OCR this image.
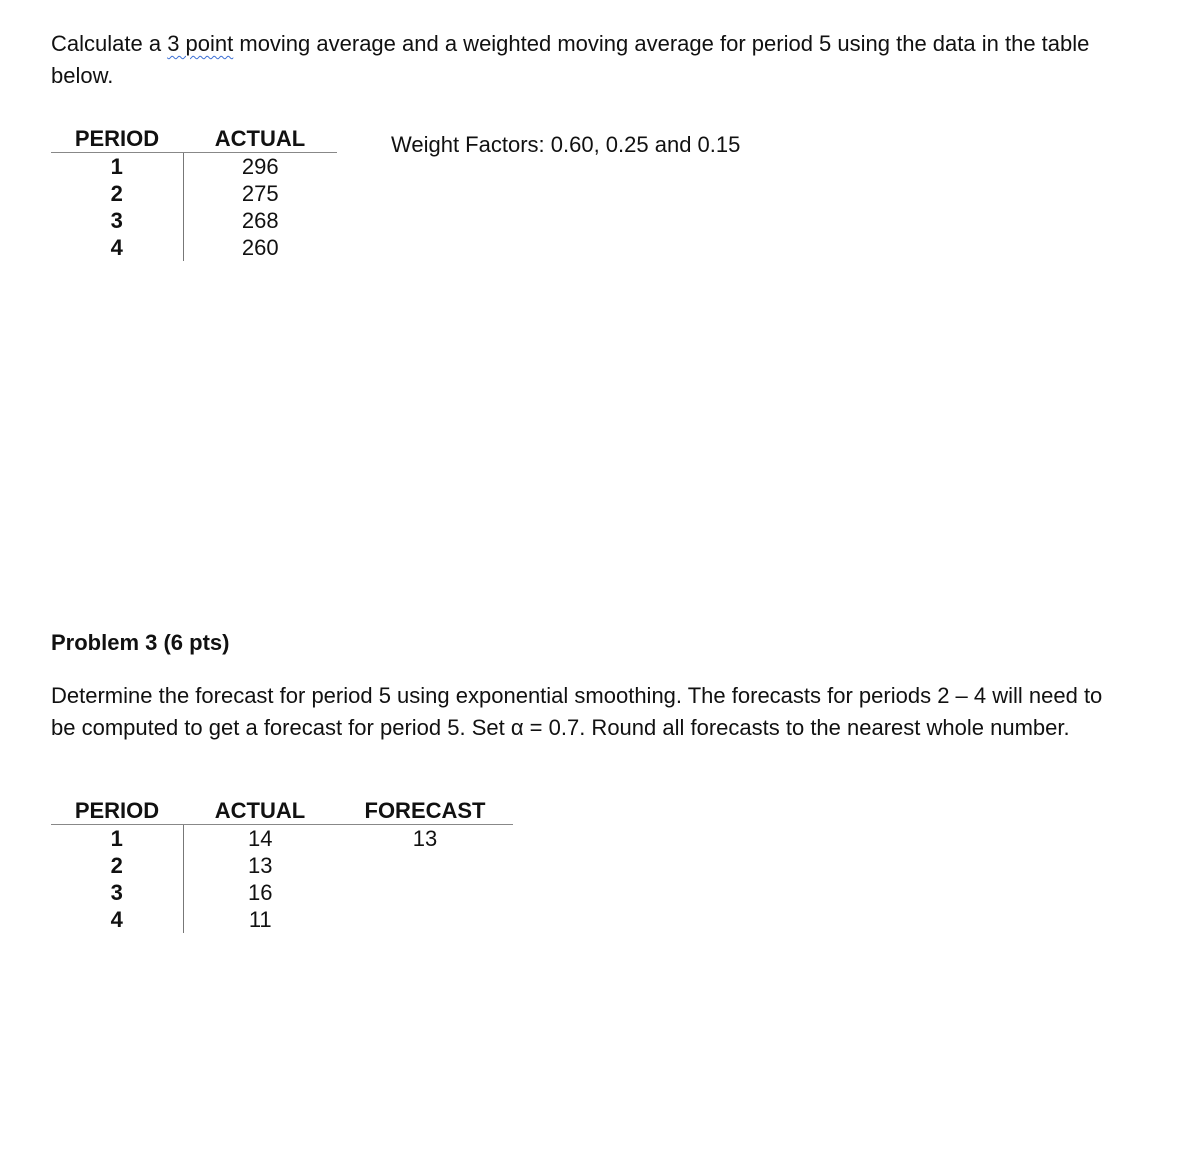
Calculate a 3 point moving average and a weighted moving average for period 5 using the data in the table below.

PERIOD	ACTUAL
1	296
2	275
3	268
4	260

Weight Factors: 0.60, 0.25 and 0.15

Problem 3 (6 pts)

Determine the forecast for period 5 using exponential smoothing. The forecasts for periods 2 – 4 will need to be computed to get a forecast for period 5. Set α = 0.7. Round all forecasts to the nearest whole number.

PERIOD	ACTUAL	FORECAST
1	14	13
2	13	
3	16	
4	11	
